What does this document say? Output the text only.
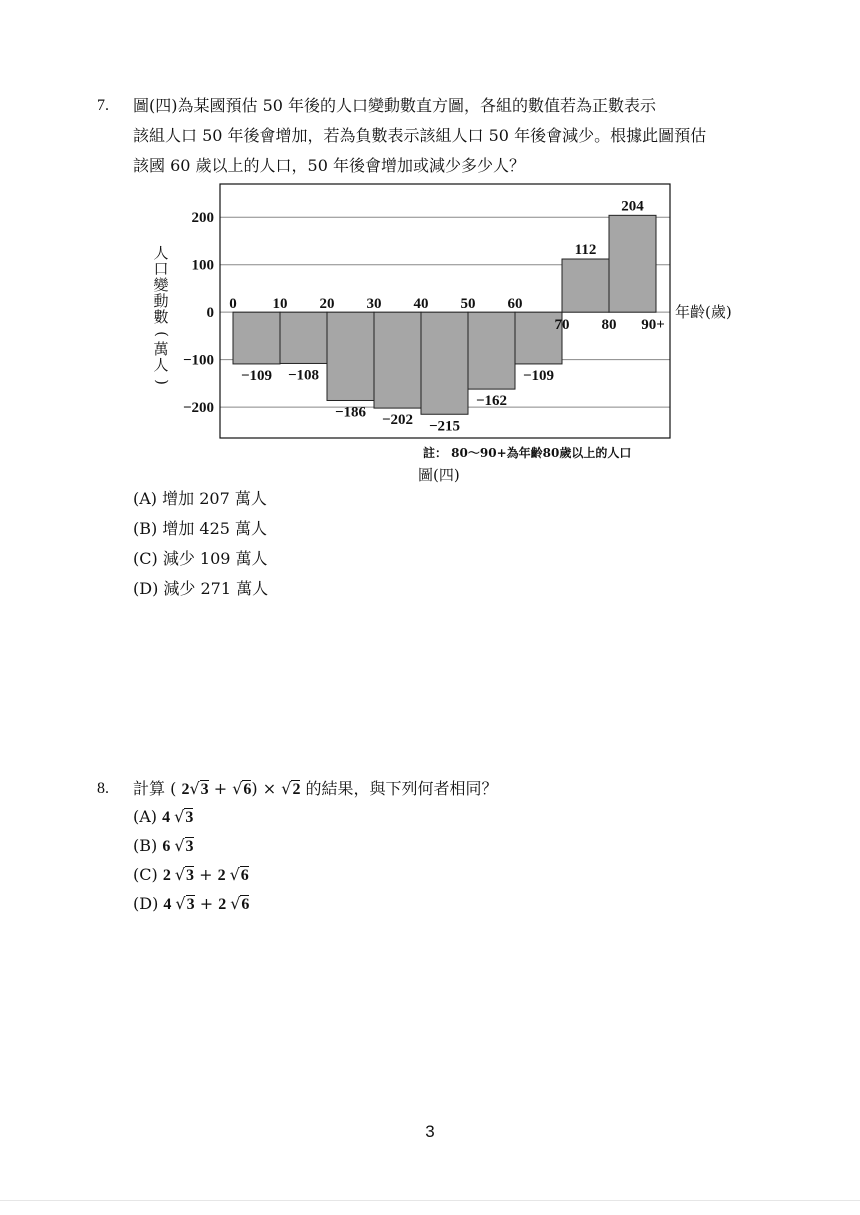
7.	圖(四)為某國預估 50 年後的人口變動數直方圖，各組的數值若為正數表示
該組人口 50 年後會增加，若為負數表示該組人口 50 年後會減少。根據此圖預估
該國 60 歲以上的人口，50 年後會增加或減少多少人？
(A) 增加 207 萬人
(B) 增加 425 萬人
(C) 減少 109 萬人
(D) 減少 271 萬人
200
100
0
−100
−200
0 10 20 30 40 50 60
70 80 90+
−109 −108
−186 −202 −215
−162
−109
112
204
人
口
變
動
數
(
萬
人
)
年齡(歲)
註： 80～90+為年齡80歲以上的人口
圖(四)
8.	計算 ( 2√3 + √6) × √2 的結果，與下列何者相同？
(A) 4 √3
(B) 6 √3
(C) 2 √3 + 2 √6
(D) 4 √3 + 2 √6
3
